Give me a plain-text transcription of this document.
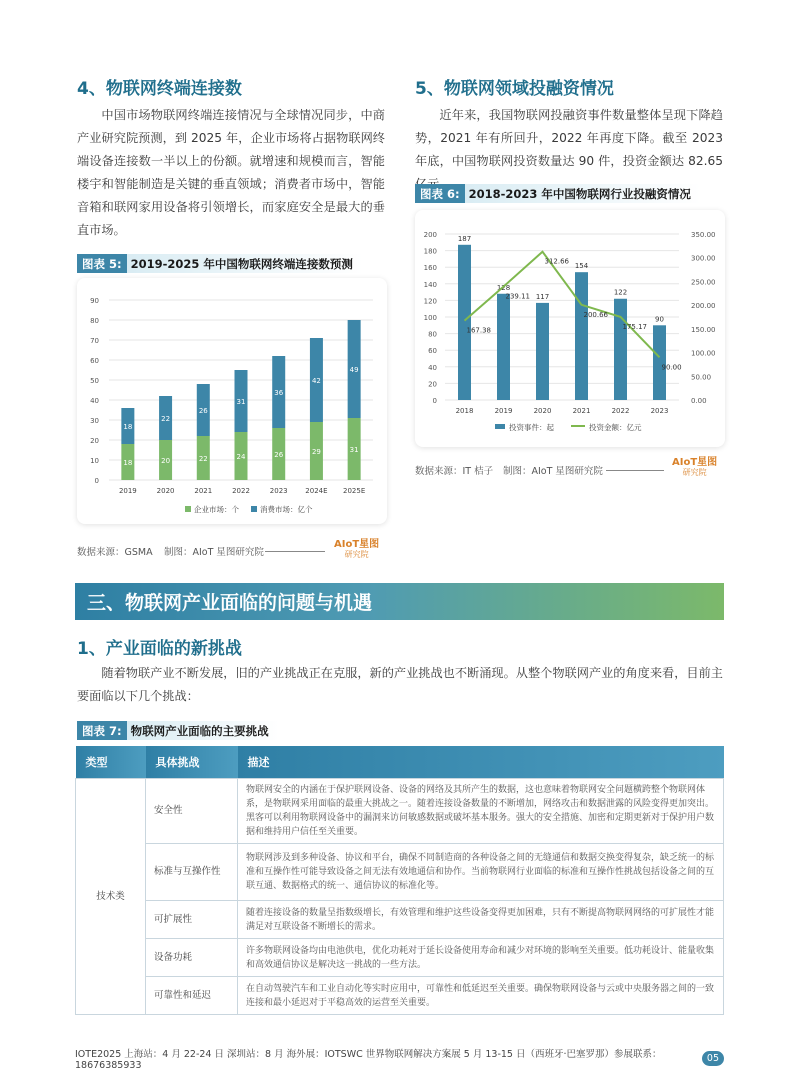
4、物联网终端连接数

中国市场物联网终端连接情况与全球情况同步，中商产业研究院预测，到 2025 年，企业市场将占据物联网终端设备连接数一半以上的份额。就增速和规模而言，智能楼宇和智能制造是关键的垂直领域；消费者市场中，智能音箱和联网家用设备将引领增长，而家庭安全是最大的垂直市场。

图表 5: 2019-2025 年中国物联网终端连接数预测
0
10
20
30
40
50
60
70
80
90
18
18
2019
20
22
2020
22
26
2021
24
31
2022
26
36
2023
29
42
2024E
31
49
2025E
企业市场：个	消费市场：亿个
数据来源：GSMA 制图：AIoT 星图研究院
AIoT星图
研究院
5、物联网领域投融资情况

近年来，我国物联网投融资事件数量整体呈现下降趋势，2021 年有所回升，2022 年再度下降。截至 2023 年底，中国物联网投资数量达 90 件，投资金额达 82.65

图表 6: 2018-2023 年中国物联网行业投融资情况
0
20
40
60
80
100
120
140
160
180
200
0.00
50.00
100.00
150.00
200.00
250.00
300.00
350.00
187
2018
128
2019
117
2020
154
2021
122
2022
90
2023
167.38
239.11
312.66
200.66
175.17
90.00
投资事件：起	投资金额：亿元
数据来源：IT 桔子 制图：AIoT 星图研究院
AIoT星图
研究院
三、物联网产业面临的问题与机遇
1、产业面临的新挑战

随着物联产业不断发展，旧的产业挑战正在克服，新的产业挑战也不断涌现。从整个物联网产业的角度来看，目前主要面临以下几个挑战：

图表 7: 物联网产业面临的主要挑战
类型	具体挑战	描述
技术类	安全性	物联网安全的内涵在于保护联网设备、设备的网络及其所产生的数据，这也意味着物联网安全问题横跨整个物联网体系，是物联网采用面临的最重大挑战之一。随着连接设备数量的不断增加，网络攻击和数据泄露的风险变得更加突出。黑客可以利用物联网设备中的漏洞来访问敏感数据或破坏基本服务。强大的安全措施、加密和定期更新对于保护用户数据和维持用户信任至关重要。
	标准与互操作性	物联网涉及到多种设备、协议和平台，确保不同制造商的各种设备之间的无缝通信和数据交换变得复杂，缺乏统一的标准和互操作性可能导致设备之间无法有效地通信和协作。当前物联网行业面临的标准和互操作性挑战包括设备之间的互联互通、数据格式的统一、通信协议的标准化等。
	可扩展性	随着连接设备的数量呈指数级增长，有效管理和维护这些设备变得更加困难，只有不断提高物联网网络的可扩展性才能满足对互联设备不断增长的需求。
	设备功耗	许多物联网设备均由电池供电，优化功耗对于延长设备使用寿命和减少对环境的影响至关重要。低功耗设计、能量收集和高效通信协议是解决这一挑战的一些方法。
	可靠性和延迟	在自动驾驶汽车和工业自动化等实时应用中，可靠性和低延迟至关重要。确保物联网设备与云或中央服务器之间的一致连接和最小延迟对于平稳高效的运营至关重要。
IOTE2025 上海站：4 月 22-24 日 深圳站：8 月 海外展：IOTSWC 世界物联网解决方案展 5 月 13-15 日（西班牙·巴塞罗那）参展联系：18676385933
05
